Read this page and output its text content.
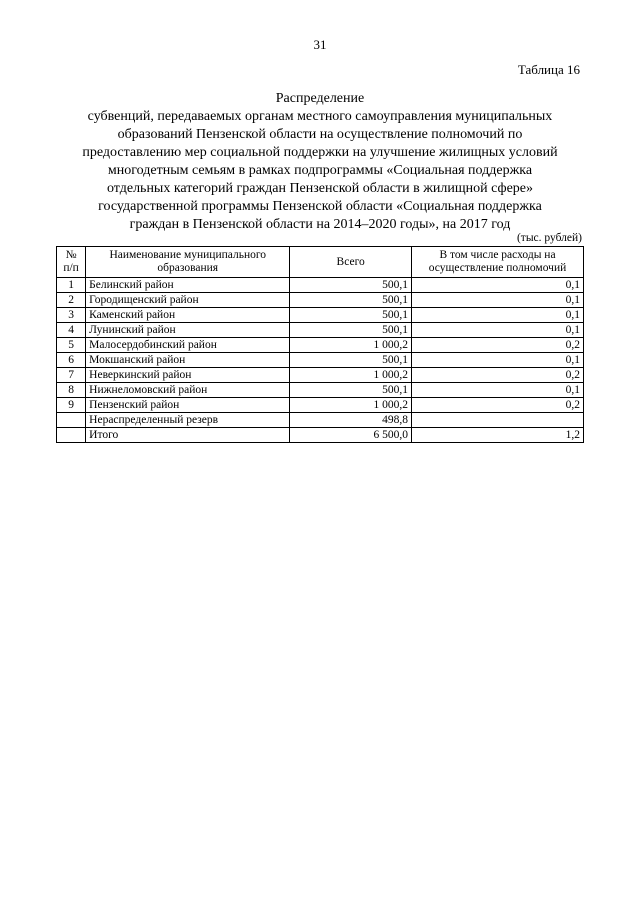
31
Таблица 16
Распределение
субвенций, передаваемых органам местного самоуправления муниципальных
образований Пензенской области на осуществление полномочий по
предоставлению мер социальной поддержки на улучшение жилищных условий
многодетным семьям в рамках подпрограммы «Социальная поддержка
отдельных категорий граждан Пензенской области в жилищной сфере»
государственной программы Пензенской области «Социальная поддержка
граждан в Пензенской области на 2014–2020 годы», на 2017 год
(тыс. рублей)
№ п/п	Наименование муниципального образования	Всего	В том числе расходы на осуществление полномочий
1	Белинский район	500,1	0,1
2	Городищенский район	500,1	0,1
3	Каменский район	500,1	0,1
4	Лунинский район	500,1	0,1
5	Малосердобинский район	1 000,2	0,2
6	Мокшанский район	500,1	0,1
7	Неверкинский район	1 000,2	0,2
8	Нижнеломовский район	500,1	0,1
9	Пензенский район	1 000,2	0,2
	Нераспределенный резерв	498,8	
	Итого	6 500,0	1,2
